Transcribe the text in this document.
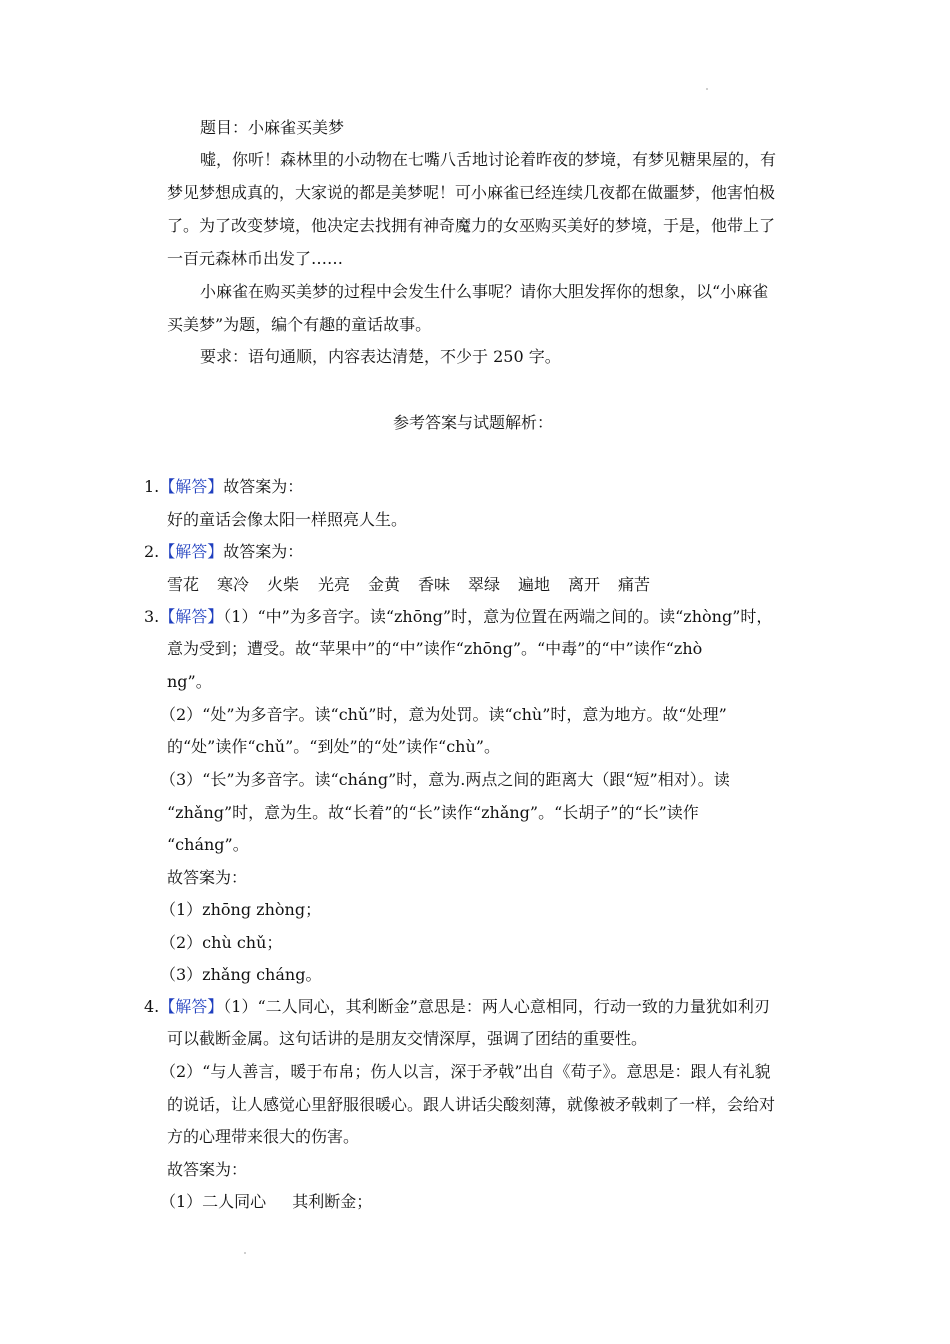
题目：小麻雀买美梦
嘘，你听！森林里的小动物在七嘴八舌地讨论着昨夜的梦境，有梦见糖果屋的，有
梦见梦想成真的，大家说的都是美梦呢！可小麻雀已经连续几夜都在做噩梦，他害怕极
了。为了改变梦境，他决定去找拥有神奇魔力的女巫购买美好的梦境，于是，他带上了
一百元森林币出发了……
小麻雀在购买美梦的过程中会发生什么事呢？请你大胆发挥你的想象，以“小麻雀
买美梦”为题，编个有趣的童话故事。
要求：语句通顺，内容表达清楚，不少于 250 字。
参考答案与试题解析：
1.【解答】故答案为：
好的童话会像太阳一样照亮人生。
2.【解答】故答案为：
雪花 寒冷 火柴 光亮 金黄 香味 翠绿 遍地 离开 痛苦
3.【解答】（1）“中”为多音字。读“zhōng”时，意为位置在两端之间的。读“zhòng”时，
意为受到；遭受。故“苹果中”的“中”读作“zhōng”。“中毒”的“中”读作“zhò
ng”。
（2）“处”为多音字。读“chǔ”时，意为处罚。读“chù”时，意为地方。故“处理”
的“处”读作“chǔ”。“到处”的“处”读作“chù”。
（3）“长”为多音字。读“cháng”时，意为.两点之间的距离大（跟“短”相对）。读
“zhǎng”时，意为生。故“长着”的“长”读作“zhǎng”。“长胡子”的“长”读作
“cháng”。
故答案为：
（1）zhōng zhòng；
（2）chù chǔ；
（3）zhǎng cháng。
4.【解答】（1）“二人同心，其利断金”意思是：两人心意相同，行动一致的力量犹如利刃
可以截断金属。这句话讲的是朋友交情深厚，强调了团结的重要性。
（2）“与人善言，暖于布帛；伤人以言，深于矛戟”出自《荀子》。意思是：跟人有礼貌
的说话，让人感觉心里舒服很暖心。跟人讲话尖酸刻薄，就像被矛戟刺了一样，会给对
方的心理带来很大的伤害。
故答案为：
（1）二人同心 其利断金；
